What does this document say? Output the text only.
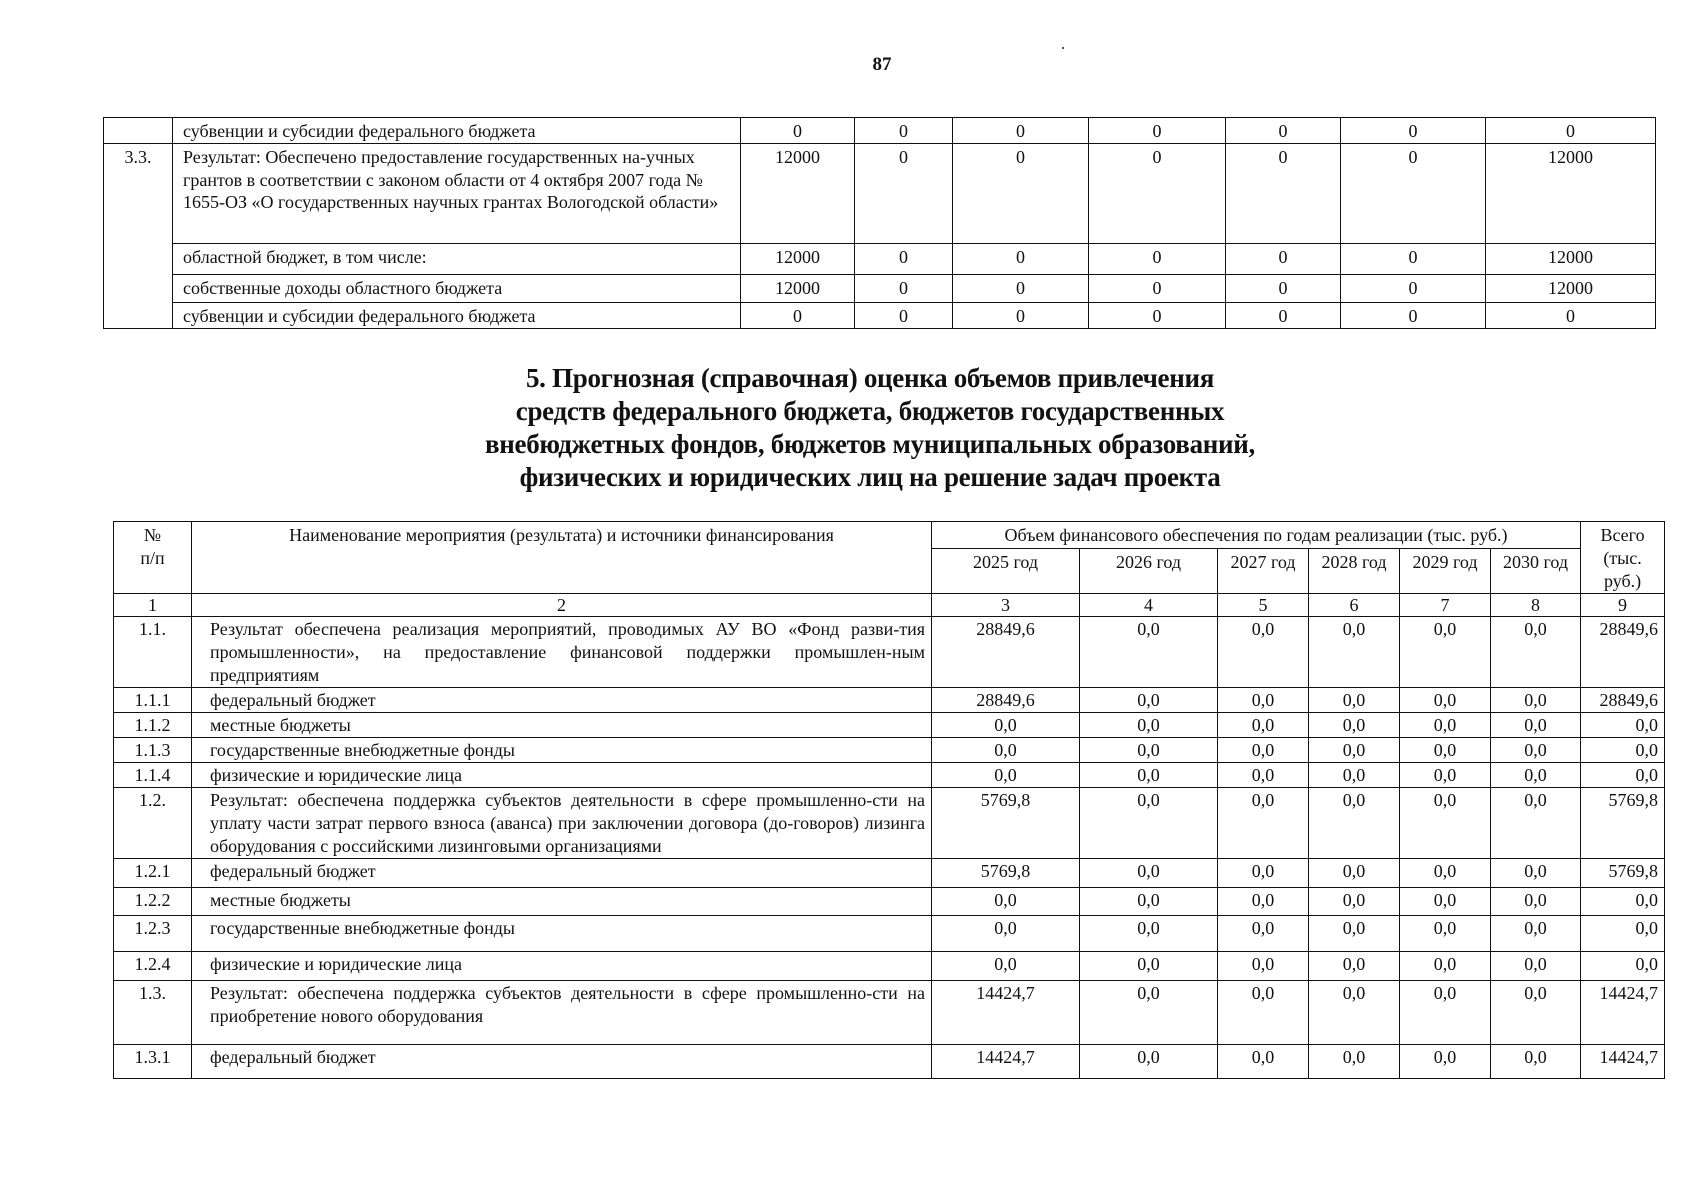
87
	субвенции и субсидии федерального бюджета	0	0	0	0	0	0	0
3.3.	Результат: Обеспечено предоставление государственных на-учных грантов в соответствии с законом области от 4 октября 2007 года № 1655-ОЗ «О государственных научных грантах Вологодской области»	12000	0	0	0	0	0	12000
	областной бюджет, в том числе:	12000	0	0	0	0	0	12000
	собственные доходы областного бюджета	12000	0	0	0	0	0	12000
	субвенции и субсидии федерального бюджета	0	0	0	0	0	0	0
5. Прогнозная (справочная) оценка объемов привлечения
средств федерального бюджета, бюджетов государственных
внебюджетных фондов, бюджетов муниципальных образований,
физических и юридических лиц на решение задач проекта
№ п/п	Наименование мероприятия (результата) и источники финансирования	Объем финансового обеспечения по годам реализации (тыс. руб.)						Всего (тыс. руб.)

		2025 год	2026 год	2027 год	2028 год	2029 год	2030 год	
1	2	3	4	5	6	7	8	9
1.1.	Результат обеспечена реализация мероприятий, проводимых АУ ВО «Фонд разви-тия промышленности», на предоставление финансовой поддержки промышлен-ным предприятиям	28849,6	0,0	0,0	0,0	0,0	0,0	28849,6
1.1.1	федеральный бюджет	28849,6	0,0	0,0	0,0	0,0	0,0	28849,6
1.1.2	местные бюджеты	0,0	0,0	0,0	0,0	0,0	0,0	0,0
1.1.3	государственные внебюджетные фонды	0,0	0,0	0,0	0,0	0,0	0,0	0,0
1.1.4	физические и юридические лица	0,0	0,0	0,0	0,0	0,0	0,0	0,0
1.2.	Результат: обеспечена поддержка субъектов деятельности в сфере промышленно-сти на уплату части затрат первого взноса (аванса) при заключении договора (до-говоров) лизинга оборудования с российскими лизинговыми организациями	5769,8	0,0	0,0	0,0	0,0	0,0	5769,8
1.2.1	федеральный бюджет	5769,8	0,0	0,0	0,0	0,0	0,0	5769,8
1.2.2	местные бюджеты	0,0	0,0	0,0	0,0	0,0	0,0	0,0
1.2.3	государственные внебюджетные фонды	0,0	0,0	0,0	0,0	0,0	0,0	0,0
1.2.4	физические и юридические лица	0,0	0,0	0,0	0,0	0,0	0,0	0,0
1.3.	Результат: обеспечена поддержка субъектов деятельности в сфере промышленно-сти на приобретение нового оборудования	14424,7	0,0	0,0	0,0	0,0	0,0	14424,7
1.3.1	федеральный бюджет	14424,7	0,0	0,0	0,0	0,0	0,0	14424,7
